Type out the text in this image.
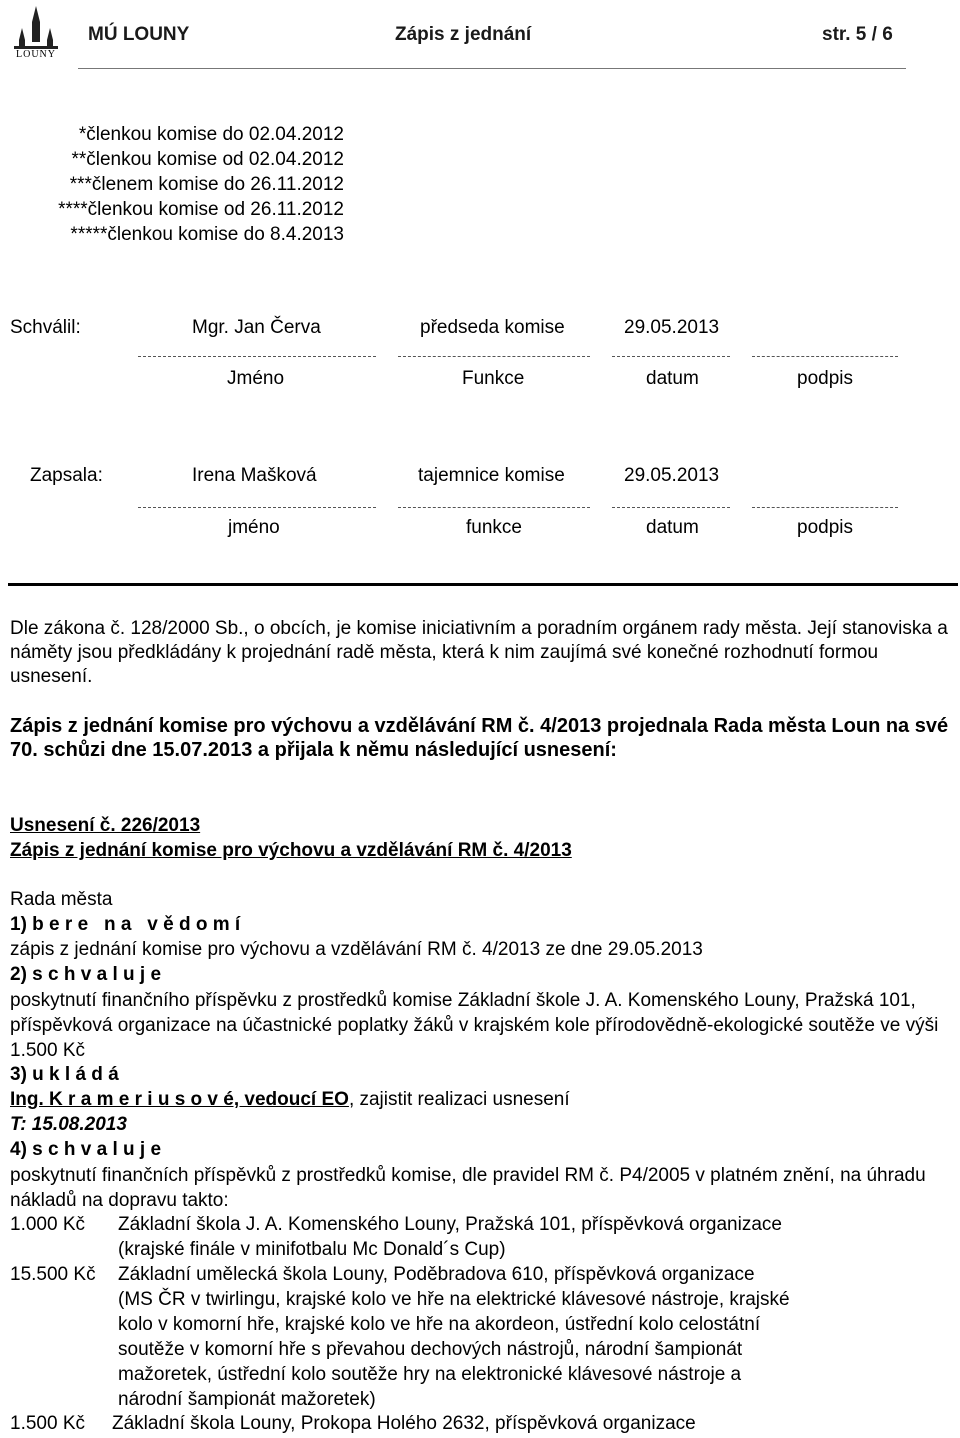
LOUNY
MÚ LOUNY	Zápis z jednání	str. 5 / 6
*členkou komise do 02.04.2012
**členkou komise od 02.04.2012
***členem komise do 26.11.2012
****členkou komise od 26.11.2012
*****členkou komise do 8.4.2013
Schválil:	Mgr. Jan Červa	předseda komise	29.05.2013
Jméno	Funkce	datum	podpis
Zapsala:	Irena Mašková	tajemnice komise	29.05.2013
jméno	funkce	datum	podpis
Dle zákona č. 128/2000 Sb., o obcích, je komise iniciativním a poradním orgánem rady města. Její stanoviska a náměty jsou předkládány k projednání radě města, která k nim zaujímá své konečné rozhodnutí formou usnesení.
Zápis z jednání komise pro výchovu a vzdělávání RM č. 4/2013 projednala Rada města Loun na své 70. schůzi dne 15.07.2013 a přijala k němu následující usnesení:
Usnesení č. 226/2013
Zápis z jednání komise pro výchovu a vzdělávání RM č. 4/2013
Rada města
1) b e r e   n a   v ě d o m í
zápis z jednání komise pro výchovu a vzdělávání RM č. 4/2013 ze dne 29.05.2013
2) s c h v a l u j e
poskytnutí finančního příspěvku z prostředků komise Základní škole J. A. Komenského Louny, Pražská 101, příspěvková organizace na účastnické poplatky žáků v krajském kole přírodovědně-ekologické soutěže ve výši 1.500 Kč
3) u k l á d á
Ing. K r a m e r i u s o v é, vedoucí EO, zajistit realizaci usnesení
T: 15.08.2013
4) s c h v a l u j e
poskytnutí finančních příspěvků z prostředků komise, dle pravidel RM č. P4/2005 v platném znění, na úhradu nákladů na dopravu takto:
1.000 Kč Základní škola J. A. Komenského Louny, Pražská 101, příspěvková organizace
(krajské finále v minifotbalu Mc Donald´s Cup)
15.500 Kč Základní umělecká škola Louny, Poděbradova 610, příspěvková organizace
(MS ČR v twirlingu, krajské kolo ve hře na elektrické klávesové nástroje, krajské
kolo v komorní hře, krajské kolo ve hře na akordeon, ústřední kolo celostátní
soutěže v komorní hře s převahou dechových nástrojů, národní šampionát
mažoretek, ústřední kolo soutěže hry na elektronické klávesové nástroje a
národní šampionát mažoretek)
1.500 Kč Základní škola Louny, Prokopa Holého 2632, příspěvková organizace
